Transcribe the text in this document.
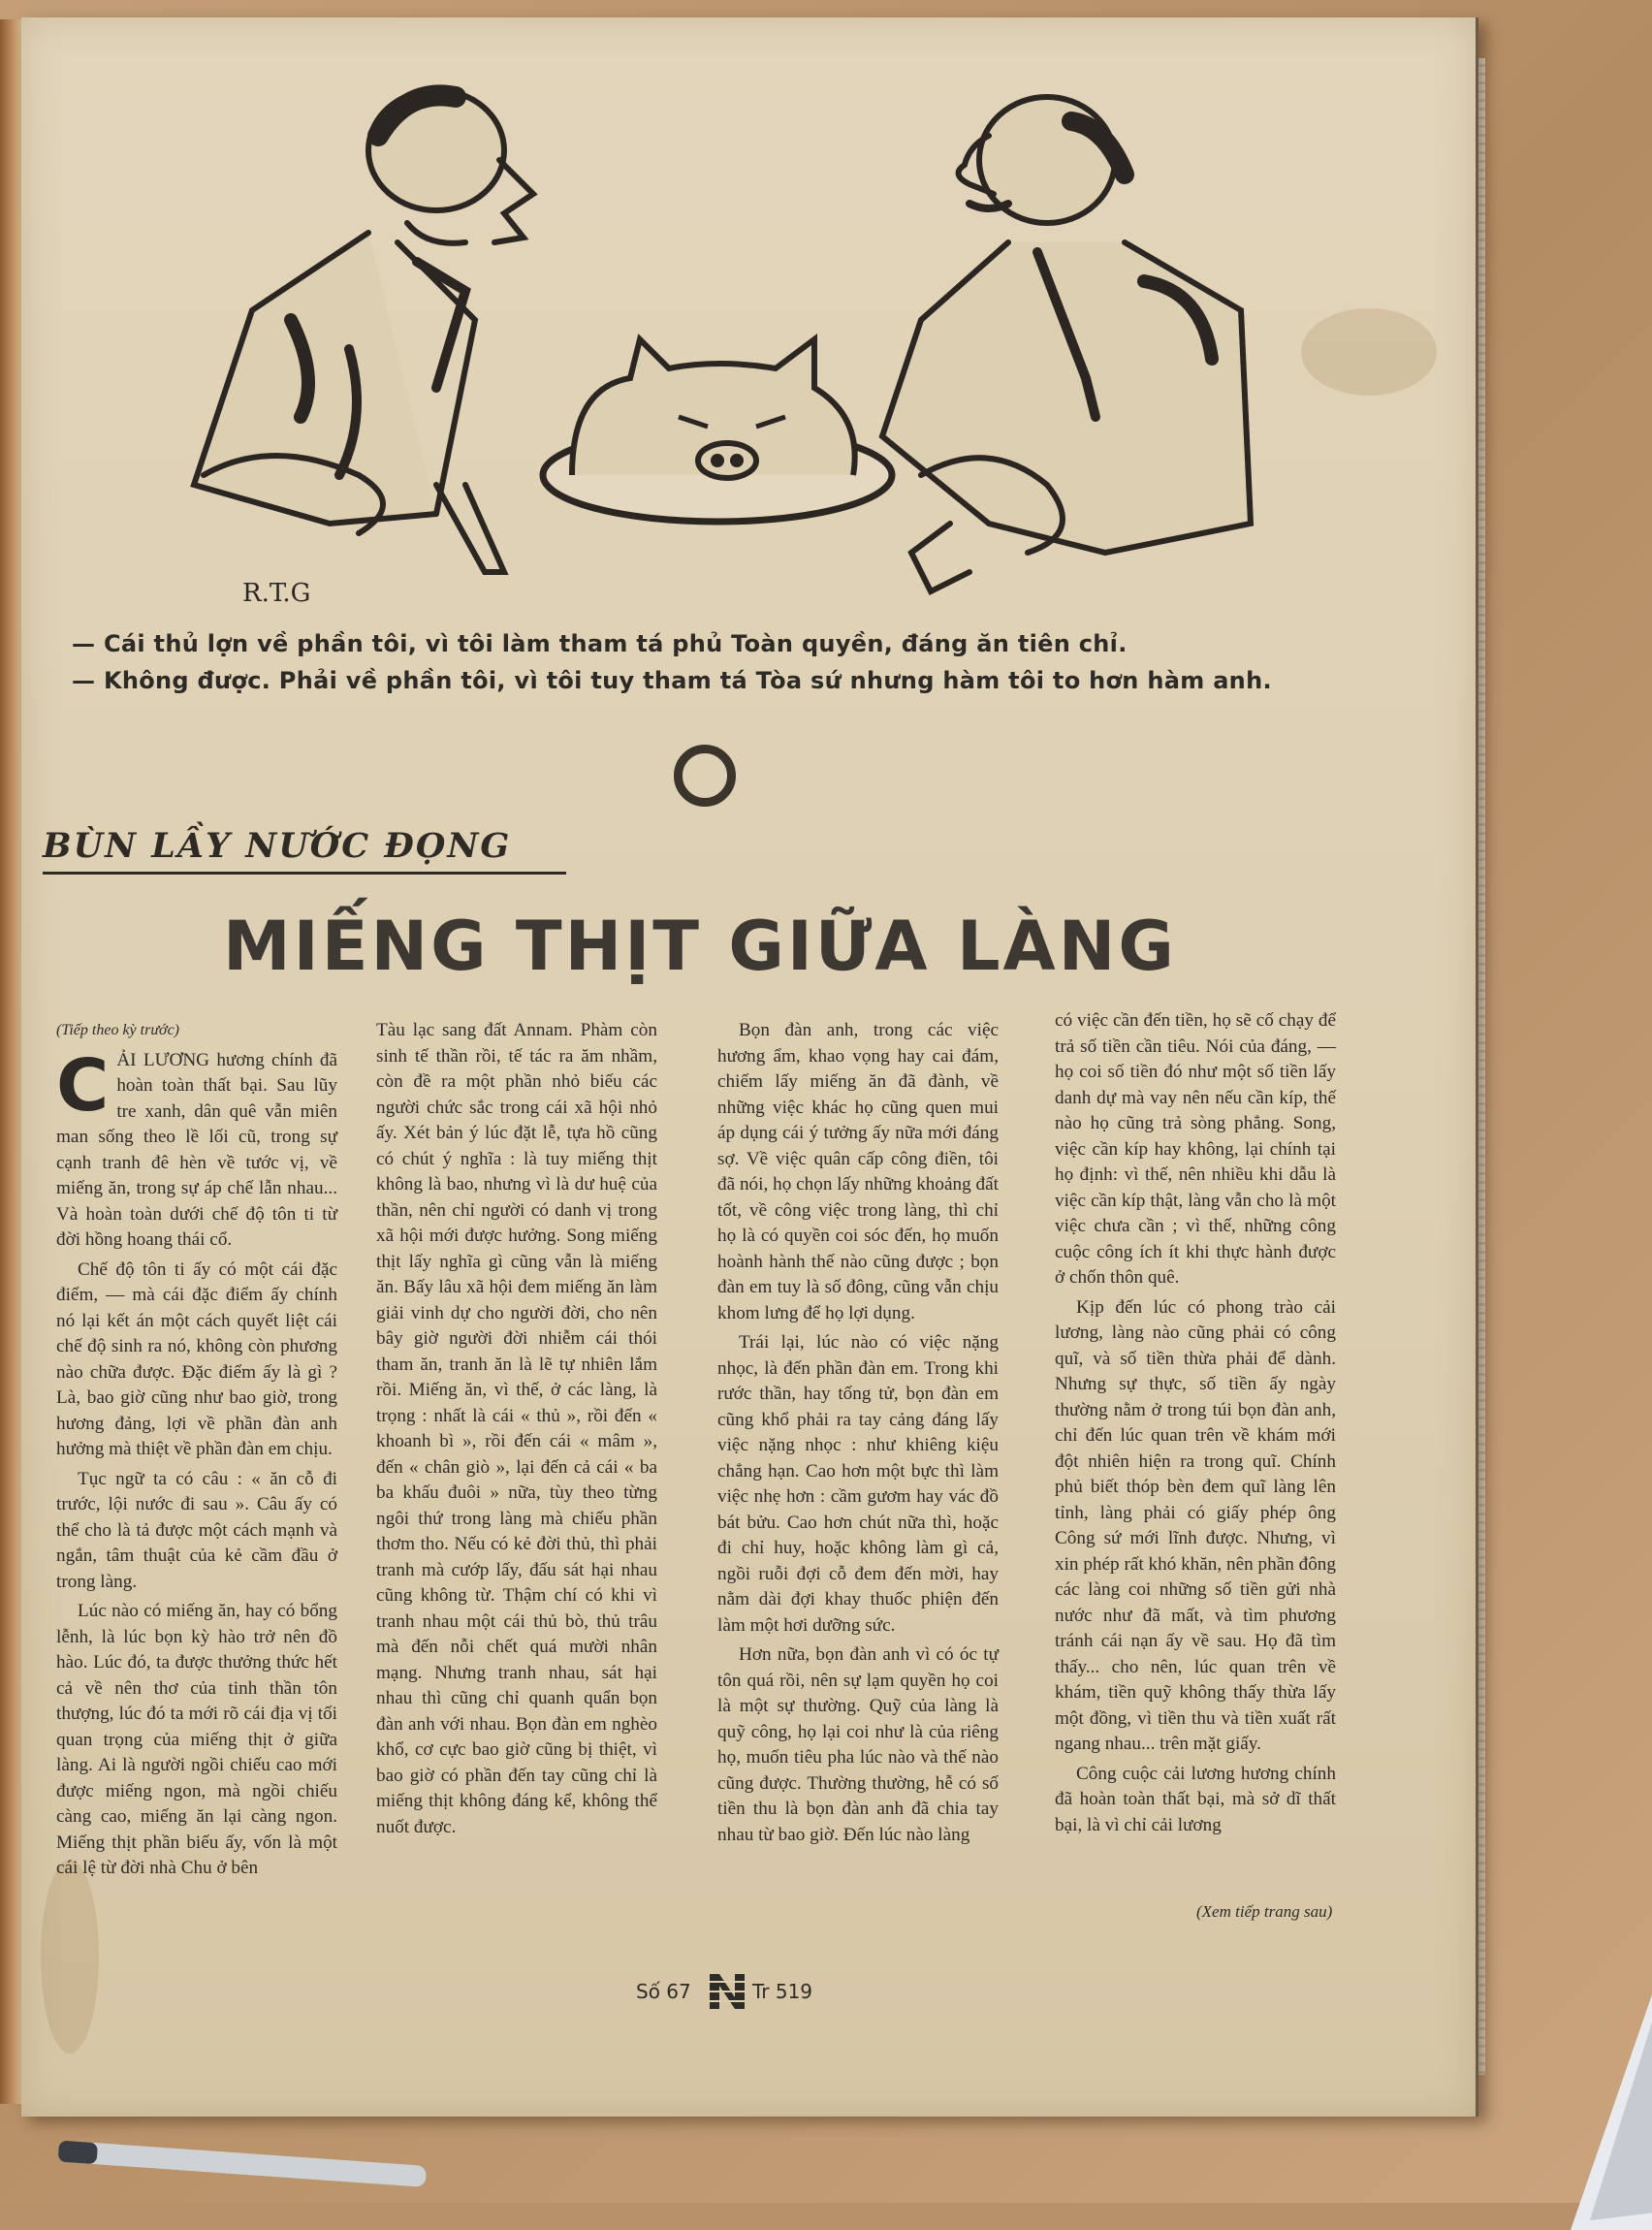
R.T.G
— Cái thủ lợn về phần tôi, vì tôi làm tham tá phủ Toàn quyền, đáng ăn tiên chỉ.
— Không được. Phải về phần tôi, vì tôi tuy tham tá Tòa sứ nhưng hàm tôi to hơn hàm anh.
BÙN LẦY NƯỚC ĐỌNG
MIẾNG THỊT GIỮA LÀNG

(Tiếp theo kỳ trước)

C ẢI LƯƠNG hương chính đã hoàn toàn thất bại. Sau lũy tre xanh, dân quê vẫn miên man sống theo lề lối cũ, trong sự cạnh tranh đê hèn về tước vị, về miếng ăn, trong sự áp chế lẫn nhau... Và hoàn toàn dưới chế độ tôn ti từ đời hồng hoang thái cổ.

Chế độ tôn ti ấy có một cái đặc điểm, — mà cái đặc điểm ấy chính nó lại kết án một cách quyết liệt cái chế độ sinh ra nó, không còn phương nào chữa được. Đặc điểm ấy là gì ? Là, bao giờ cũng như bao giờ, trong hương đảng, lợi về phần đàn anh hưởng mà thiệt về phần đàn em chịu.

Tục ngữ ta có câu : « ăn cỗ đi trước, lội nước đi sau ». Câu ấy có thể cho là tả được một cách mạnh và ngắn, tâm thuật của kẻ cầm đầu ở trong làng.

Lúc nào có miếng ăn, hay có bổng lễnh, là lúc bọn kỳ hào trở nên đồ hào. Lúc đó, ta được thưởng thức hết cả về nên thơ của tinh thần tôn thượng, lúc đó ta mới rõ cái địa vị tối quan trọng của miếng thịt ở giữa làng. Ai là người ngồi chiếu cao mới được miếng ngon, mà ngồi chiếu càng cao, miếng ăn lại càng ngon. Miếng thịt phần biếu ấy, vốn là một cái lệ từ đời nhà Chu ở bên

Tàu lạc sang đất Annam. Phàm còn sinh tế thần rồi, tế tác ra ăm nhầm, còn đề ra một phần nhỏ biếu các người chức sắc trong cái xã hội nhỏ ấy. Xét bản ý lúc đặt lễ, tựa hồ cũng có chút ý nghĩa : là tuy miếng thịt không là bao, nhưng vì là dư huệ của thần, nên chỉ người có danh vị trong xã hội mới được hưởng. Song miếng thịt lấy nghĩa gì cũng vẫn là miếng ăn. Bấy lâu xã hội đem miếng ăn làm giải vinh dự cho người đời, cho nên bây giờ người đời nhiễm cái thói tham ăn, tranh ăn là lẽ tự nhiên lắm rồi. Miếng ăn, vì thế, ở các làng, là trọng : nhất là cái « thủ », rồi đến « khoanh bì », rồi đến cái « mâm », đến « chân giò », lại đến cả cái « ba ba khấu đuôi » nữa, tùy theo từng ngôi thứ trong làng mà chiếu phần thơm tho. Nếu có kẻ đời thủ, thì phải tranh mà cướp lấy, đấu sát hại nhau cũng không từ. Thậm chí có khi vì tranh nhau một cái thủ bò, thủ trâu mà đến nỗi chết quá mười nhân mạng. Nhưng tranh nhau, sát hại nhau thì cũng chỉ quanh quẩn bọn đàn anh với nhau. Bọn đàn em nghèo khổ, cơ cực bao giờ cũng bị thiệt, vì bao giờ có phần đến tay cũng chỉ là miếng thịt không đáng kể, không thể nuốt được.

Bọn đàn anh, trong các việc hương ẩm, khao vọng hay cai đám, chiếm lấy miếng ăn đã đành, về những việc khác họ cũng quen mui áp dụng cái ý tưởng ấy nữa mới đáng sợ. Về việc quân cấp công điền, tôi đã nói, họ chọn lấy những khoảng đất tốt, về công việc trong làng, thì chỉ họ là có quyền coi sóc đến, họ muốn hoành hành thế nào cũng được ; bọn đàn em tuy là số đông, cũng vẫn chịu khom lưng để họ lợi dụng.

Trái lại, lúc nào có việc nặng nhọc, là đến phần đàn em. Trong khi rước thần, hay tống tử, bọn đàn em cũng khổ phải ra tay cảng đáng lấy việc nặng nhọc : như khiêng kiệu chẳng hạn. Cao hơn một bực thì làm việc nhẹ hơn : cầm gươm hay vác đồ bát bửu. Cao hơn chút nữa thì, hoặc đi chỉ huy, hoặc không làm gì cả, ngồi ruỗi đợi cỗ đem đến mời, hay nằm dài đợi khay thuốc phiện đến làm một hơi dưỡng sức.

Hơn nữa, bọn đàn anh vì có óc tự tôn quá rồi, nên sự lạm quyền họ coi là một sự thường. Quỹ của làng là quỹ công, họ lại coi như là của riêng họ, muốn tiêu pha lúc nào và thế nào cũng được. Thường thường, hễ có số tiền thu là bọn đàn anh đã chia tay nhau từ bao giờ. Đến lúc nào làng

có việc cần đến tiền, họ sẽ cố chạy để trả số tiền cần tiêu. Nói của đáng, — họ coi số tiền đó như một số tiền lấy danh dự mà vay nên nếu cần kíp, thế nào họ cũng trả sòng phẳng. Song, việc cần kíp hay không, lại chính tại họ định: vì thế, nên nhiều khi dẫu là việc cần kíp thật, làng vẫn cho là một việc chưa cần ; vì thế, những công cuộc công ích ít khi thực hành được ở chốn thôn quê.

Kịp đến lúc có phong trào cải lương, làng nào cũng phải có công quĩ, và số tiền thừa phải để dành. Nhưng sự thực, số tiền ấy ngày thường nằm ở trong túi bọn đàn anh, chỉ đến lúc quan trên về khám mới đột nhiên hiện ra trong quĩ. Chính phủ biết thóp bèn đem quĩ làng lên tỉnh, làng phải có giấy phép ông Công sứ mới lĩnh được. Nhưng, vì xin phép rất khó khăn, nên phần đông các làng coi những số tiền gửi nhà nước như đã mất, và tìm phương tránh cái nạn ấy về sau. Họ đã tìm thấy... cho nên, lúc quan trên về khám, tiền quỹ không thấy thừa lấy một đồng, vì tiền thu và tiền xuất rất ngang nhau... trên mặt giấy.

Công cuộc cải lương hương chính đã hoàn toàn thất bại, mà sở dĩ thất bại, là vì chỉ cải lương

(Xem tiếp trang sau)
Số 67	Tr 519
